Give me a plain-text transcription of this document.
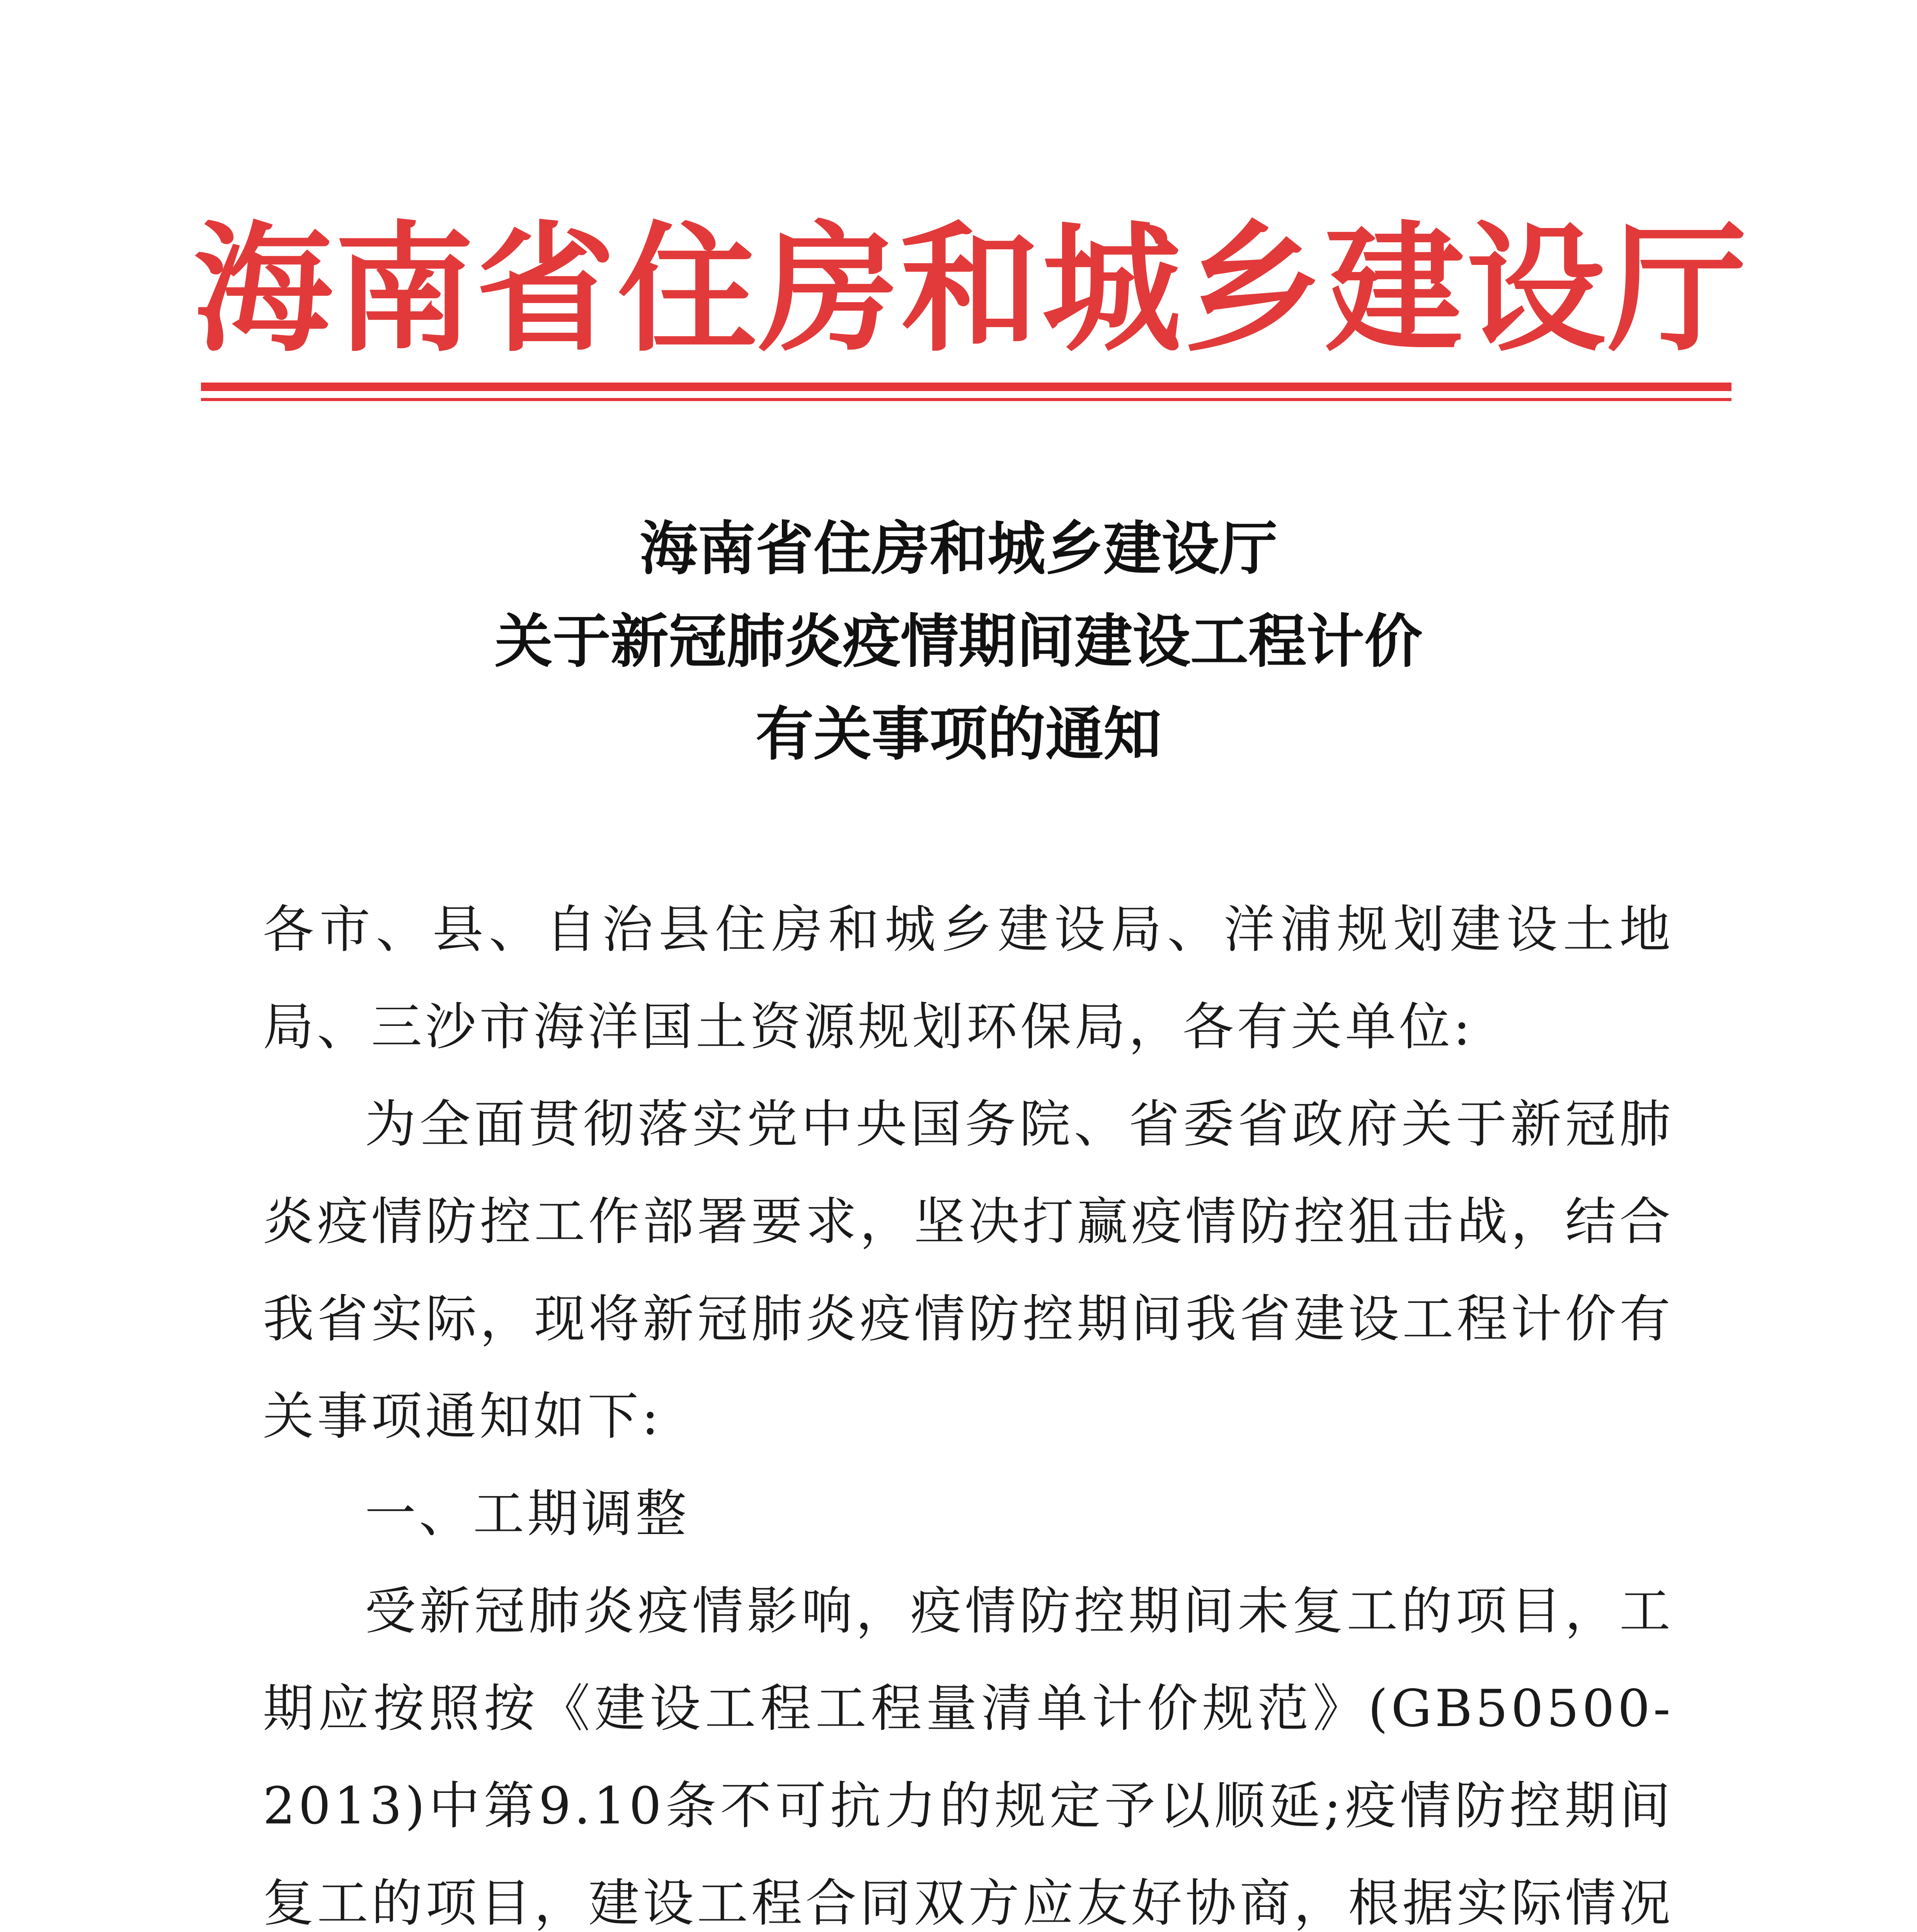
海南省住房和城乡建设厅
海南省住房和城乡建设厅
关于新冠肺炎疫情期间建设工程计价
有关事项的通知

各市、县、自治县住房和城乡建设局、洋浦规划建设土地局、三沙市海洋国土资源规划环保局，各有关单位:

为全面贯彻落实党中央国务院、省委省政府关于新冠肺炎疫情防控工作部署要求，坚决打赢疫情防控狙击战，结合我省实际，现将新冠肺炎疫情防控期间我省建设工程计价有关事项通知如下:

一、工期调整

受新冠肺炎疫情影响，疫情防控期间未复工的项目，工期应按照按《建设工程工程量清单计价规范》(GB50500-2013)中第9.10条不可抗力的规定予以顺延;疫情防控期间复工的项目，建设工程合同双方应友好协商，根据实际情况
